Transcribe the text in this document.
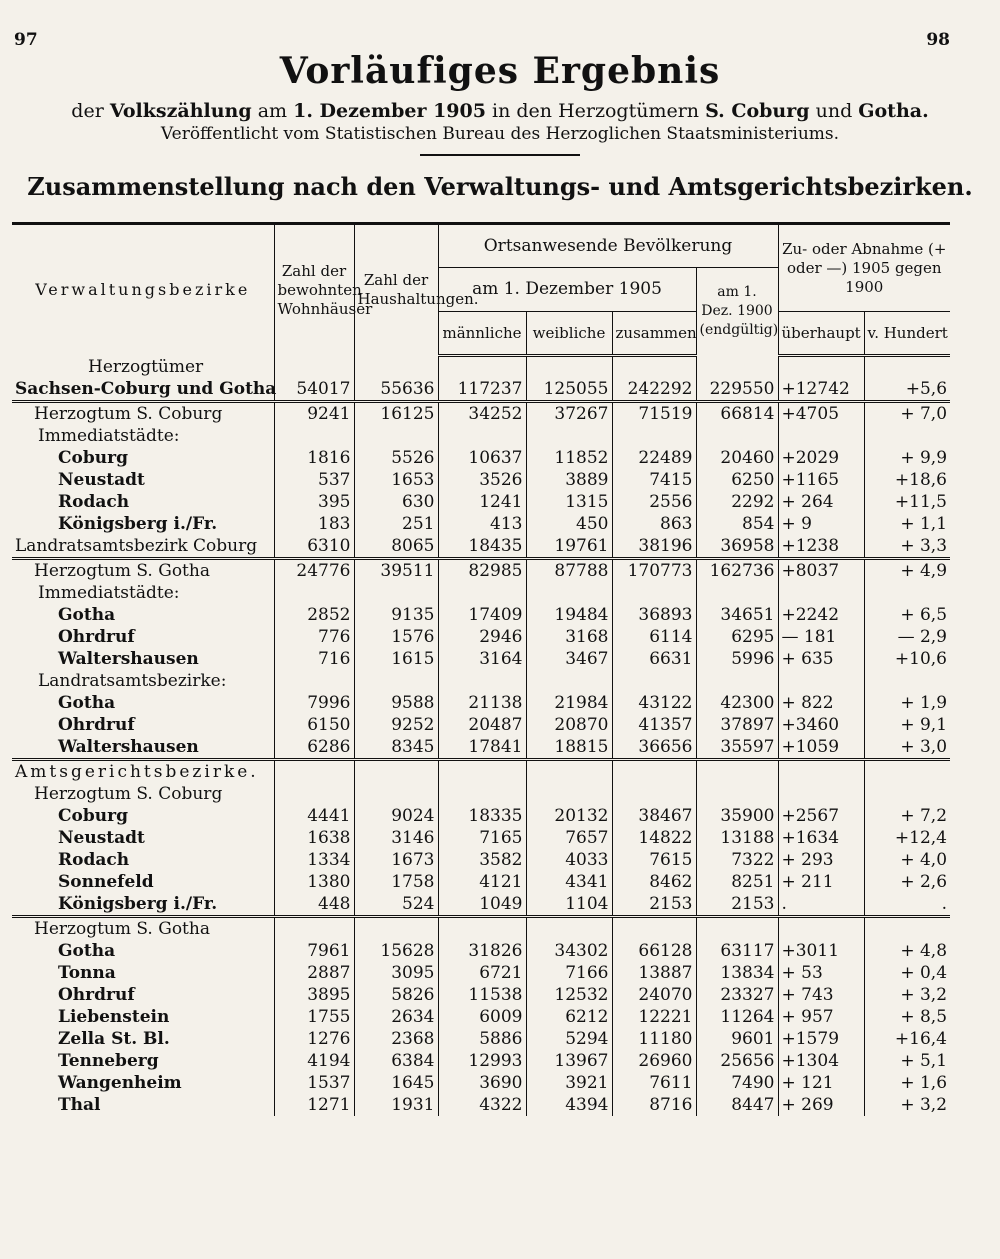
97	98
Vorläufiges Ergebnis
der Volkszählung am 1. Dezember 1905 in den Herzogtümern S. Coburg und Gotha.
Veröffentlicht vom Statistischen Bureau des Herzoglichen Staatsministeriums.
Zusammenstellung nach den Verwaltungs- und Amtsgerichtsbezirken.
Verwaltungsbezirke	Zahl der bewohnten Wohnhäuser	Zahl der Haushaltungen.	Ortsanwesende Bevölkerung				Zu- oder Abnahme (+ oder —) 1905 gegen 1900	
			am 1. Dezember 1905			am 1. Dez. 1900 (endgültig)		
			männliche	weibliche	zusammen		überhaupt	v. Hundert
Herzogtümer								
Sachsen-Coburg und Gotha	54017	55636	117237	125055	242292	229550	+12742	+5,6
Herzogtum S. Coburg	9241	16125	34252	37267	71519	66814	+4705	+ 7,0
Immediatstädte:								
Coburg	1816	5526	10637	11852	22489	20460	+2029	+ 9,9
Neustadt	537	1653	3526	3889	7415	6250	+1165	+18,6
Rodach	395	630	1241	1315	2556	2292	+ 264	+11,5
Königsberg i./Fr.	183	251	413	450	863	854	+ 9	+ 1,1
Landratsamtsbezirk Coburg	6310	8065	18435	19761	38196	36958	+1238	+ 3,3
Herzogtum S. Gotha	24776	39511	82985	87788	170773	162736	+8037	+ 4,9
Immediatstädte:								
Gotha	2852	9135	17409	19484	36893	34651	+2242	+ 6,5
Ohrdruf	776	1576	2946	3168	6114	6295	— 181	— 2,9
Waltershausen	716	1615	3164	3467	6631	5996	+ 635	+10,6
Landratsamtsbezirke:								
Gotha	7996	9588	21138	21984	43122	42300	+ 822	+ 1,9
Ohrdruf	6150	9252	20487	20870	41357	37897	+3460	+ 9,1
Waltershausen	6286	8345	17841	18815	36656	35597	+1059	+ 3,0
Amtsgerichtsbezirke.								
Herzogtum S. Coburg								
Coburg	4441	9024	18335	20132	38467	35900	+2567	+ 7,2
Neustadt	1638	3146	7165	7657	14822	13188	+1634	+12,4
Rodach	1334	1673	3582	4033	7615	7322	+ 293	+ 4,0
Sonnefeld	1380	1758	4121	4341	8462	8251	+ 211	+ 2,6
Königsberg i./Fr.	448	524	1049	1104	2153	2153	.	.
Herzogtum S. Gotha								
Gotha	7961	15628	31826	34302	66128	63117	+3011	+ 4,8
Tonna	2887	3095	6721	7166	13887	13834	+ 53	+ 0,4
Ohrdruf	3895	5826	11538	12532	24070	23327	+ 743	+ 3,2
Liebenstein	1755	2634	6009	6212	12221	11264	+ 957	+ 8,5
Zella St. Bl.	1276	2368	5886	5294	11180	9601	+1579	+16,4
Tenneberg	4194	6384	12993	13967	26960	25656	+1304	+ 5,1
Wangenheim	1537	1645	3690	3921	7611	7490	+ 121	+ 1,6
Thal	1271	1931	4322	4394	8716	8447	+ 269	+ 3,2
